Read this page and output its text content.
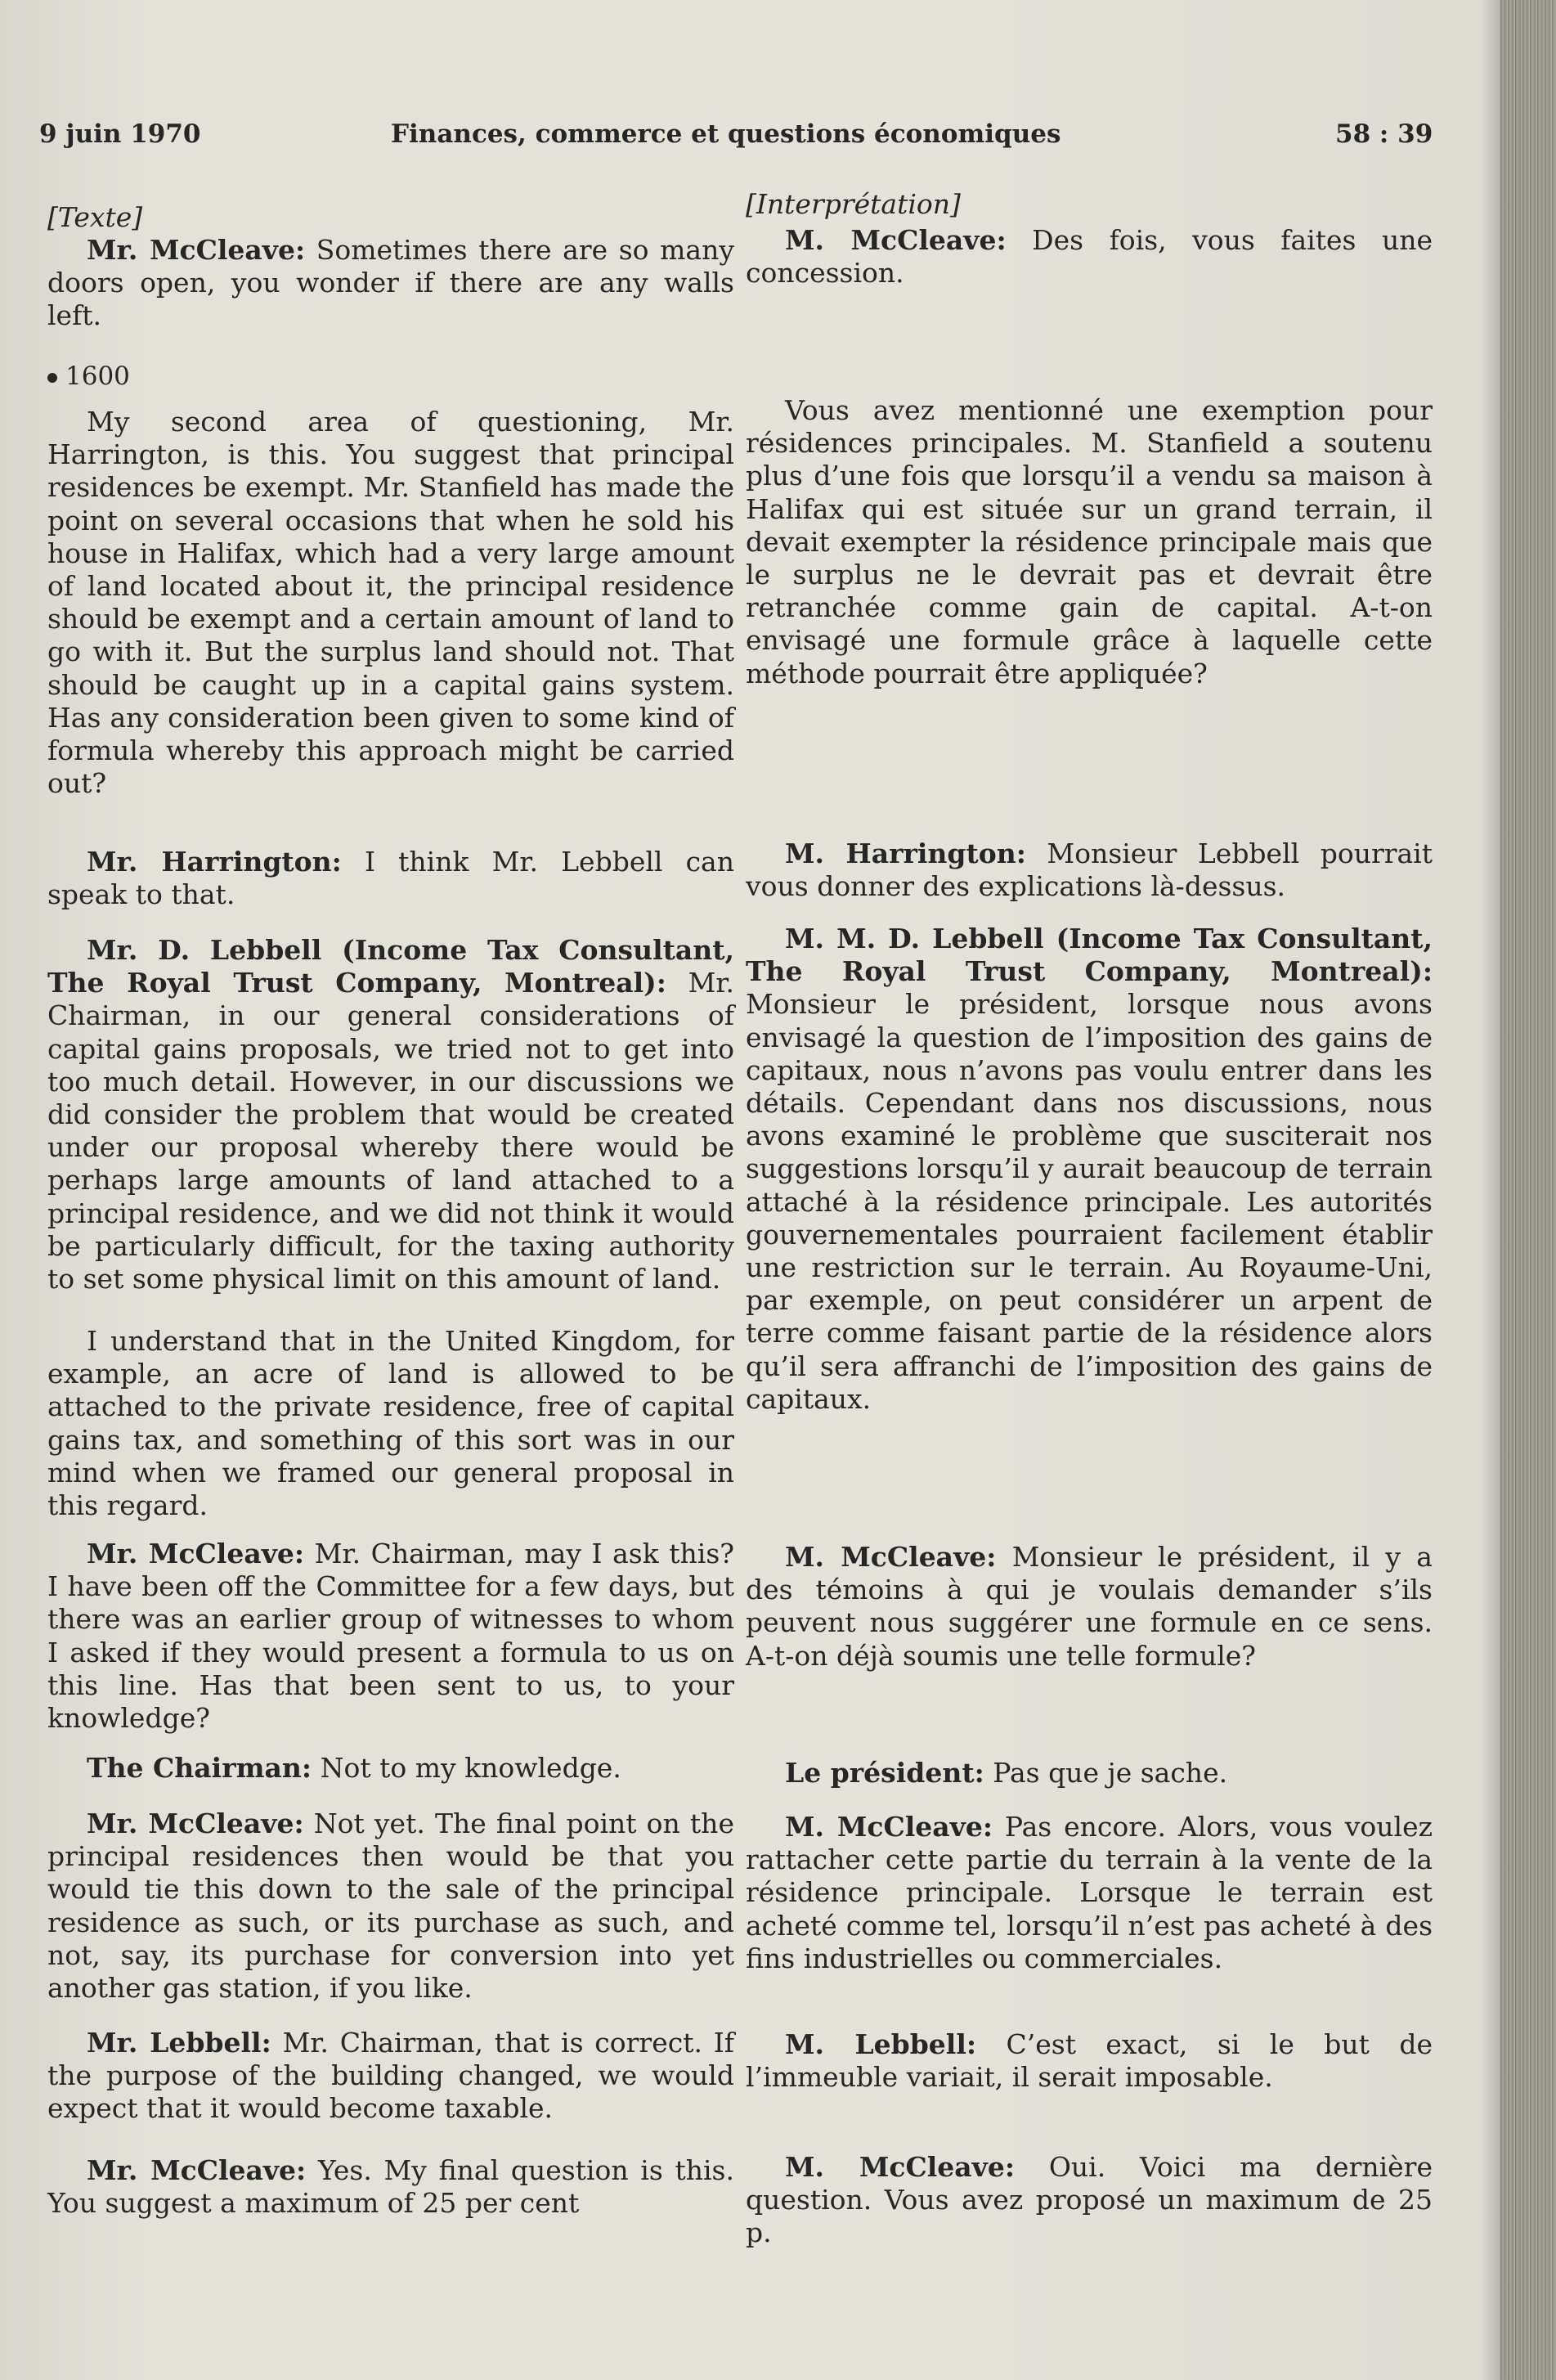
9 juin 1970	Finances, commerce et questions économiques	58 : 39
[Texte]
Mr. McCleave: Sometimes there are so many doors open, you wonder if there are any walls left.
1600
My second area of questioning, Mr. Harrington, is this. You suggest that principal residences be exempt. Mr. Stanfield has made the point on several occasions that when he sold his house in Halifax, which had a very large amount of land located about it, the principal residence should be exempt and a certain amount of land to go with it. But the surplus land should not. That should be caught up in a capital gains system. Has any consideration been given to some kind of formula whereby this approach might be carried out?
Mr. Harrington: I think Mr. Lebbell can speak to that.
Mr. D. Lebbell (Income Tax Consultant, The Royal Trust Company, Montreal): Mr. Chairman, in our general considerations of capital gains proposals, we tried not to get into too much detail. However, in our discussions we did consider the problem that would be created under our proposal whereby there would be perhaps large amounts of land attached to a principal residence, and we did not think it would be particularly difficult, for the taxing authority to set some physical limit on this amount of land.
I understand that in the United Kingdom, for example, an acre of land is allowed to be attached to the private residence, free of capital gains tax, and something of this sort was in our mind when we framed our general proposal in this regard.
Mr. McCleave: Mr. Chairman, may I ask this? I have been off the Committee for a few days, but there was an earlier group of witnesses to whom I asked if they would present a formula to us on this line. Has that been sent to us, to your knowledge?
The Chairman: Not to my knowledge.
Mr. McCleave: Not yet. The final point on the principal residences then would be that you would tie this down to the sale of the principal residence as such, or its purchase as such, and not, say, its purchase for conversion into yet another gas station, if you like.
Mr. Lebbell: Mr. Chairman, that is correct. If the purpose of the building changed, we would expect that it would become taxable.
Mr. McCleave: Yes. My final question is this. You suggest a maximum of 25 per cent
[Interprétation]
M. McCleave: Des fois, vous faites une concession.
Vous avez mentionné une exemption pour résidences principales. M. Stanfield a soutenu plus d’une fois que lorsqu’il a vendu sa maison à Halifax qui est située sur un grand terrain, il devait exempter la résidence principale mais que le surplus ne le devrait pas et devrait être retranchée comme gain de capital. A-t-on envisagé une formule grâce à laquelle cette méthode pourrait être appliquée?
M. Harrington: Monsieur Lebbell pourrait vous donner des explications là-dessus.
M. M. D. Lebbell (Income Tax Consultant, The Royal Trust Company, Montreal): Monsieur le président, lorsque nous avons envisagé la question de l’imposition des gains de capitaux, nous n’avons pas voulu entrer dans les détails. Cependant dans nos discussions, nous avons examiné le problème que susciterait nos suggestions lorsqu’il y aurait beaucoup de terrain attaché à la résidence principale. Les autorités gouvernementales pourraient facilement établir une restriction sur le terrain. Au Royaume-Uni, par exemple, on peut considérer un arpent de terre comme faisant partie de la résidence alors qu’il sera affranchi de l’imposition des gains de capitaux.
M. McCleave: Monsieur le président, il y a des témoins à qui je voulais demander s’ils peuvent nous suggérer une formule en ce sens. A-t-on déjà soumis une telle formule?
Le président: Pas que je sache.
M. McCleave: Pas encore. Alors, vous voulez rattacher cette partie du terrain à la vente de la résidence principale. Lorsque le terrain est acheté comme tel, lorsqu’il n’est pas acheté à des fins industrielles ou commerciales.
M. Lebbell: C’est exact, si le but de l’immeuble variait, il serait imposable.
M. McCleave: Oui. Voici ma dernière question. Vous avez proposé un maximum de 25 p.
